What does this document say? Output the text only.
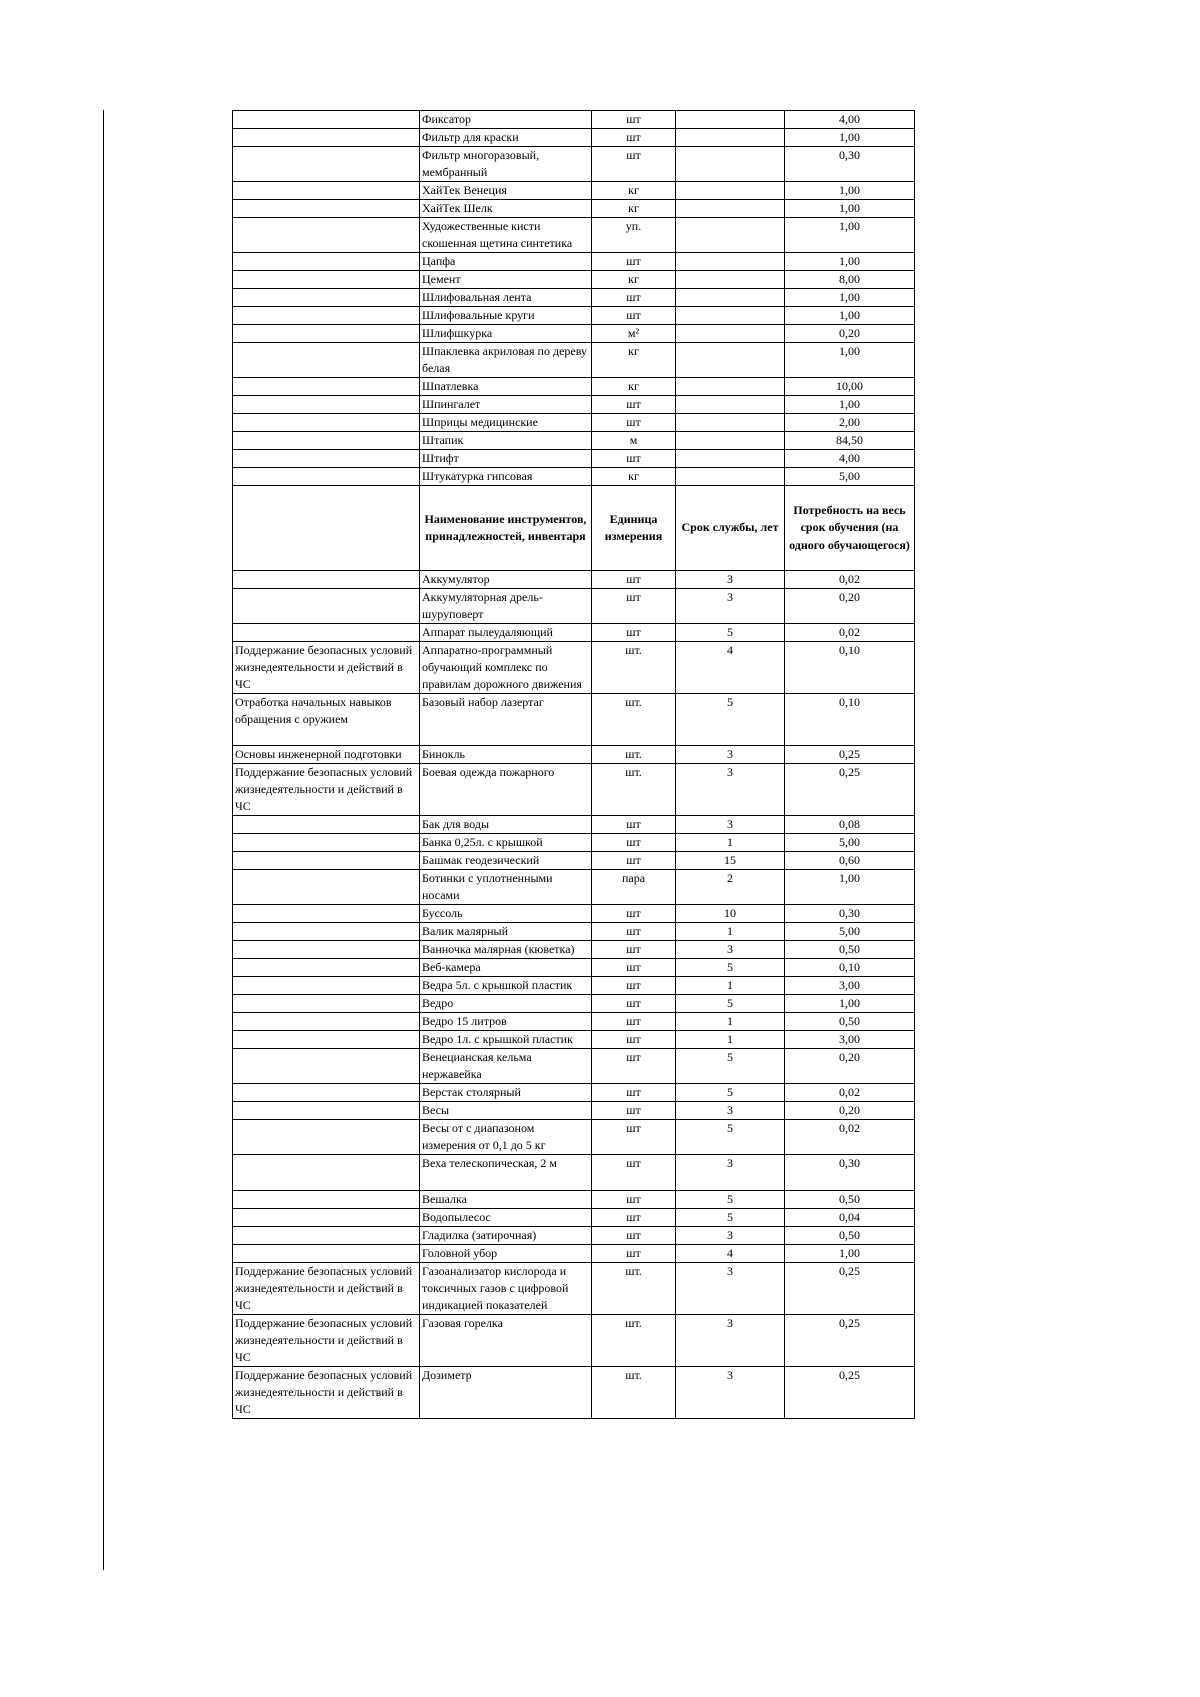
	Фиксатор	шт		4,00
	Фильтр для краски	шт		1,00
	Фильтр многоразовый, мембранный	шт		0,30
	ХайТек Венеция	кг		1,00
	ХайТек Шелк	кг		1,00
	Художественные кисти скошенная щетина синтетика	уп.		1,00
	Цапфа	шт		1,00
	Цемент	кг		8,00
	Шлифовальная лента	шт		1,00
	Шлифовальные круги	шт		1,00
	Шлифшкурка	м²		0,20
	Шпаклевка акриловая по дереву белая	кг		1,00
	Шпатлевка	кг		10,00
	Шпингалет	шт		1,00
	Шприцы медицинские	шт		2,00
	Штапик	м		84,50
	Штифт	шт		4,00
	Штукатурка гипсовая	кг		5,00
	Наименование инструментов, принадлежностей, инвентаря	Единица измерения	Срок службы, лет	Потребность на весь срок обучения (на одного обучающегося)
	Аккумулятор	шт	3	0,02
	Аккумуляторная дрель-шуруповерт	шт	3	0,20
	Аппарат пылеудаляющий	шт	5	0,02
Поддержание безопасных условий жизнедеятельности и действий в ЧС	Аппаратно-программный обучающий комплекс по правилам дорожного движения	шт.	4	0,10
Отработка начальных навыков обращения с оружием	Базовый набор лазертаг	шт.	5	0,10
Основы инженерной подготовки	Бинокль	шт.	3	0,25
Поддержание безопасных условий жизнедеятельности и действий в ЧС	Боевая одежда пожарного	шт.	3	0,25
	Бак для воды	шт	3	0,08
	Банка 0,25л. с крышкой	шт	1	5,00
	Башмак геодезический	шт	15	0,60
	Ботинки с уплотненными носами	пара	2	1,00
	Буссоль	шт	10	0,30
	Валик малярный	шт	1	5,00
	Ванночка малярная (кюветка)	шт	3	0,50
	Веб-камера	шт	5	0,10
	Ведра 5л. с крышкой пластик	шт	1	3,00
	Ведро	шт	5	1,00
	Ведро 15 литров	шт	1	0,50
	Ведро 1л. с крышкой пластик	шт	1	3,00
	Венецианская кельма нержавейка	шт	5	0,20
	Верстак столярный	шт	5	0,02
	Весы	шт	3	0,20
	Весы от с диапазоном измерения от 0,1 до 5 кг	шт	5	0,02
	Веха телескопическая, 2 м	шт	3	0,30
	Вешалка	шт	5	0,50
	Водопылесос	шт	5	0,04
	Гладилка (затирочная)	шт	3	0,50
	Головной убор	шт	4	1,00
Поддержание безопасных условий жизнедеятельности и действий в ЧС	Газоанализатор кислорода и токсичных газов с цифровой индикацией показателей	шт.	3	0,25
Поддержание безопасных условий жизнедеятельности и действий в ЧС	Газовая горелка	шт.	3	0,25
Поддержание безопасных условий жизнедеятельности и действий в ЧС	Дозиметр	шт.	3	0,25
